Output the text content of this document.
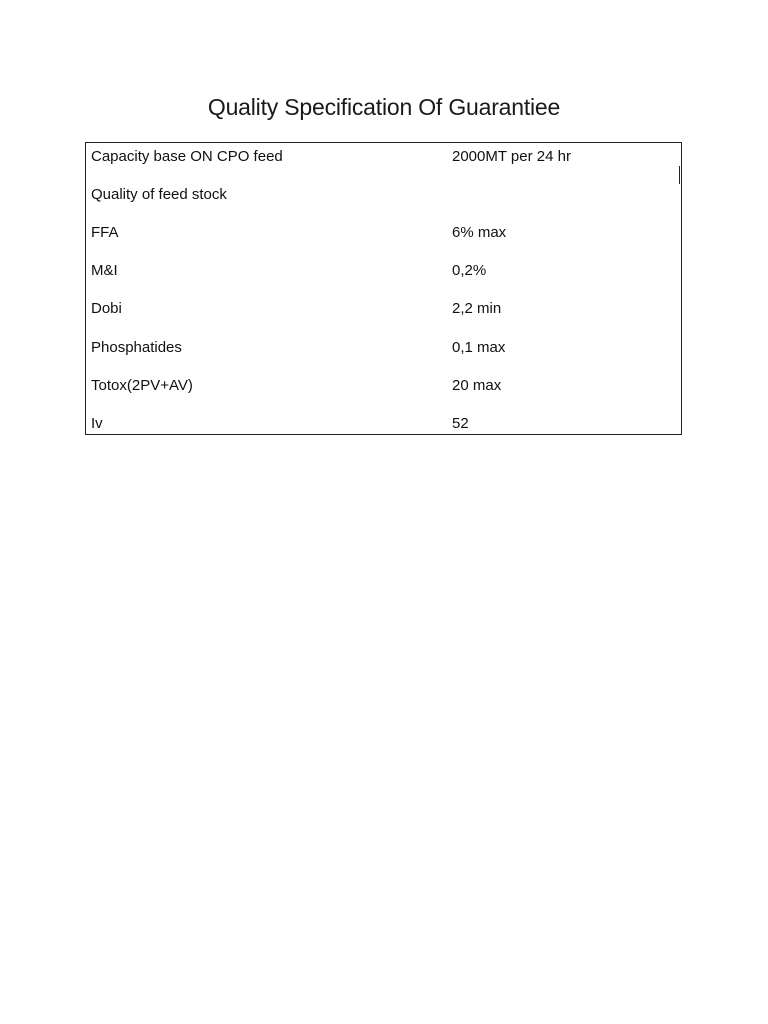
Quality Specification Of Guarantiee
Capacity base ON CPO feed	2000MT per 24 hr
Quality of feed stock
FFA	6% max
M&I	0,2%
Dobi	2,2 min
Phosphatides	0,1 max
Totox(2PV+AV)	20 max
Iv	52
